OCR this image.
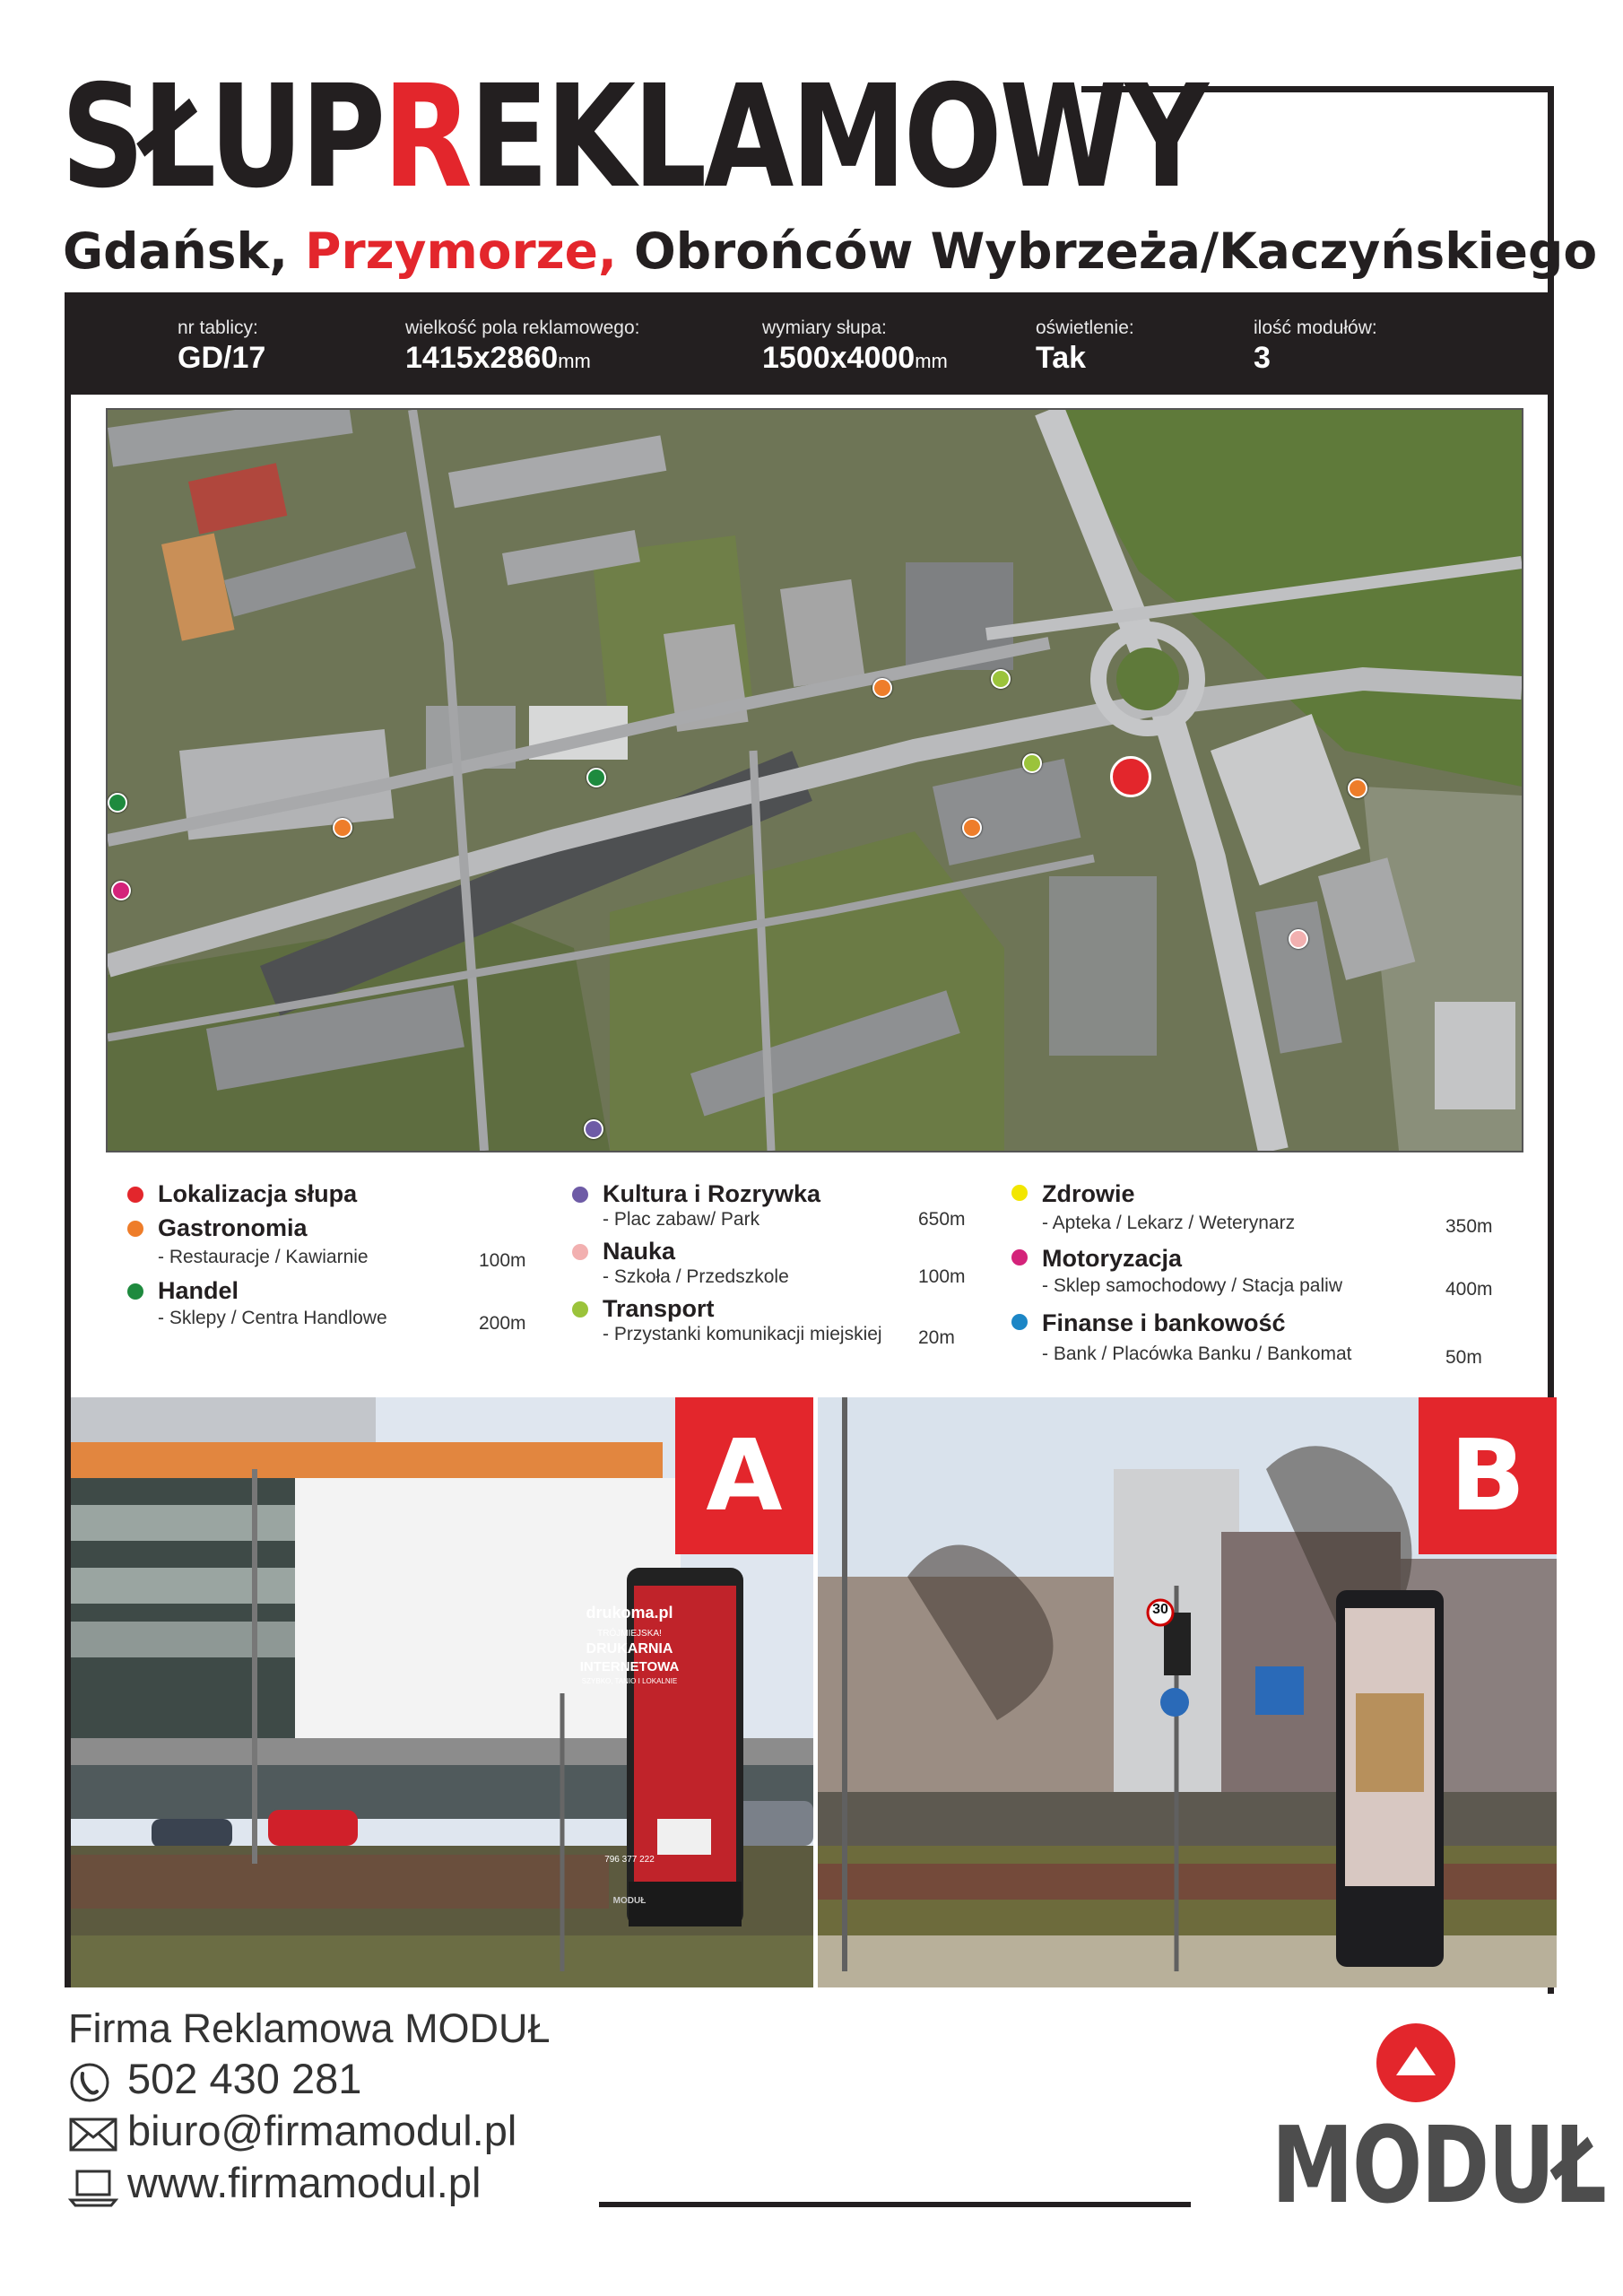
SŁUPREKLAMOWY
Gdańsk, Przymorze, Obrońców Wybrzeża/Kaczyńskiego
nr tablicy:
GD/17
wielkość pola reklamowego:
1415x2860mm
wymiary słupa:
1500x4000mm
oświetlenie:
Tak
ilość modułów:
3
Lokalizacja słupa
Gastronomia
- Restauracje / Kawiarnie	100m
Handel
- Sklepy / Centra Handlowe	200m
Kultura i Rozrywka
- Plac zabaw/ Park	650m
Nauka
- Szkoła / Przedszkole	100m
Transport
- Przystanki komunikacji miejskiej 20m
Zdrowie
- Apteka / Lekarz / Weterynarz	350m
Motoryzacja
- Sklep samochodowy / Stacja paliw	400m
Finanse i bankowość
- Bank / Placówka Banku / Bankomat	50m
drukoma.pl
TRÓJMIEJSKA!
DRUKARNIA
INTERNETOWA
SZYBKO, TANIO I LOKALNIE
796 377 222
MODUŁ
A
30
B
Firma Reklamowa MODUŁ
502 430 281
biuro@firmamodul.pl
www.firmamodul.pl	MODUŁ
